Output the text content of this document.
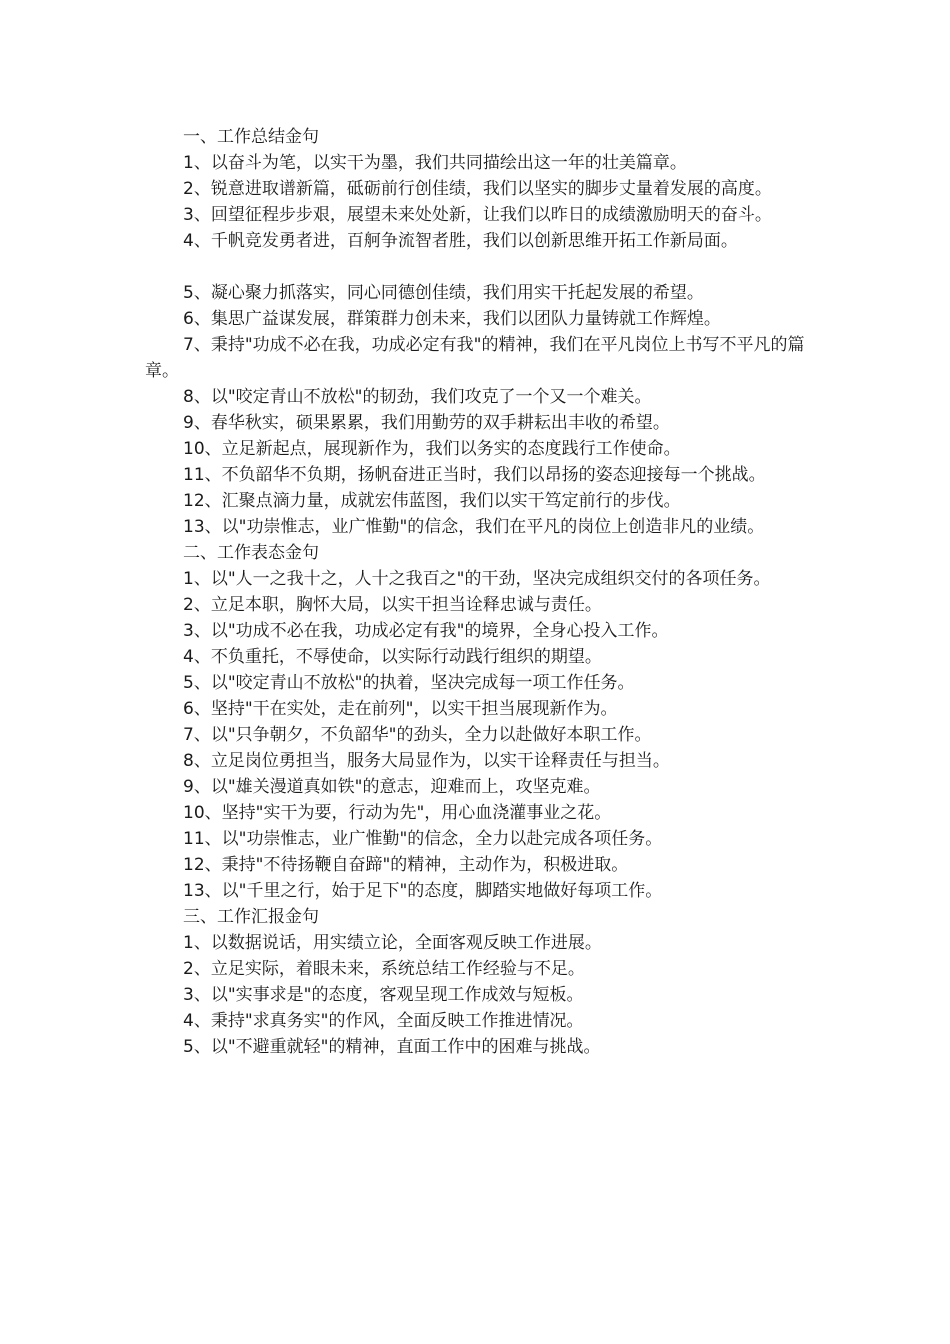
一、工作总结金句

1、以奋斗为笔，以实干为墨，我们共同描绘出这一年的壮美篇章。

2、锐意进取谱新篇，砥砺前行创佳绩，我们以坚实的脚步丈量着发展的高度。

3、回望征程步步艰，展望未来处处新，让我们以昨日的成绩激励明天的奋斗。

4、千帆竞发勇者进，百舸争流智者胜，我们以创新思维开拓工作新局面。

5、凝心聚力抓落实，同心同德创佳绩，我们用实干托起发展的希望。

6、集思广益谋发展，群策群力创未来，我们以团队力量铸就工作辉煌。

7、秉持"功成不必在我，功成必定有我"的精神，我们在平凡岗位上书写不平凡的篇章。

8、以"咬定青山不放松"的韧劲，我们攻克了一个又一个难关。

9、春华秋实，硕果累累，我们用勤劳的双手耕耘出丰收的希望。

10、立足新起点，展现新作为，我们以务实的态度践行工作使命。

11、不负韶华不负期，扬帆奋进正当时，我们以昂扬的姿态迎接每一个挑战。

12、汇聚点滴力量，成就宏伟蓝图，我们以实干笃定前行的步伐。

13、以"功崇惟志，业广惟勤"的信念，我们在平凡的岗位上创造非凡的业绩。

二、工作表态金句

1、以"人一之我十之，人十之我百之"的干劲，坚决完成组织交付的各项任务。

2、立足本职，胸怀大局，以实干担当诠释忠诚与责任。

3、以"功成不必在我，功成必定有我"的境界，全身心投入工作。

4、不负重托，不辱使命，以实际行动践行组织的期望。

5、以"咬定青山不放松"的执着，坚决完成每一项工作任务。

6、坚持"干在实处，走在前列"，以实干担当展现新作为。

7、以"只争朝夕，不负韶华"的劲头，全力以赴做好本职工作。

8、立足岗位勇担当，服务大局显作为，以实干诠释责任与担当。

9、以"雄关漫道真如铁"的意志，迎难而上，攻坚克难。

10、坚持"实干为要，行动为先"，用心血浇灌事业之花。

11、以"功崇惟志，业广惟勤"的信念，全力以赴完成各项任务。

12、秉持"不待扬鞭自奋蹄"的精神，主动作为，积极进取。

13、以"千里之行，始于足下"的态度，脚踏实地做好每项工作。

三、工作汇报金句

1、以数据说话，用实绩立论，全面客观反映工作进展。

2、立足实际，着眼未来，系统总结工作经验与不足。

3、以"实事求是"的态度，客观呈现工作成效与短板。

4、秉持"求真务实"的作风，全面反映工作推进情况。

5、以"不避重就轻"的精神，直面工作中的困难与挑战。
